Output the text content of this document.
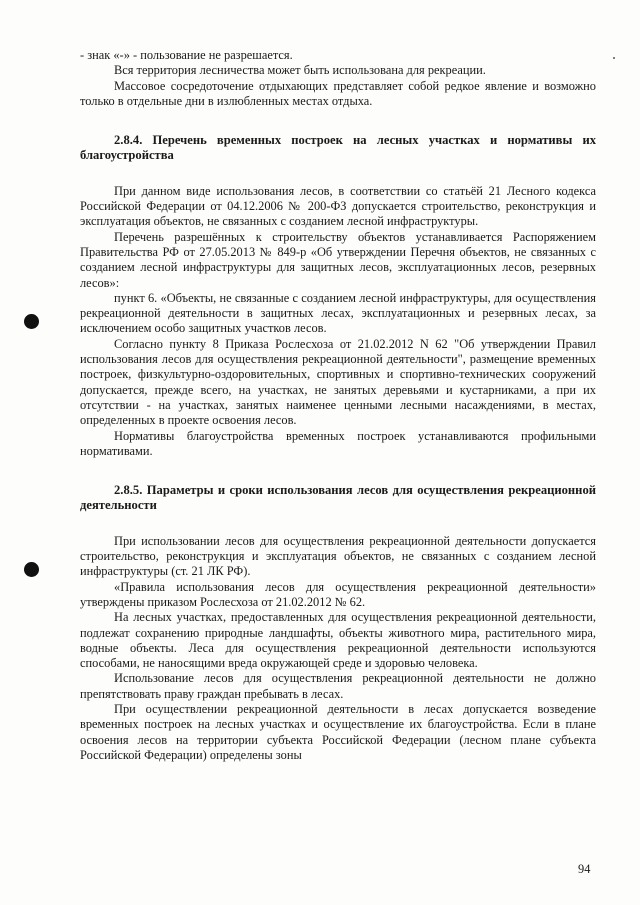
- знак «-» - пользование не разрешается.

Вся территория лесничества может быть использована для рекреации.

Массовое сосредоточение отдыхающих представляет собой редкое явление и возможно только в отдельные дни в излюбленных местах отдыха.

2.8.4. Перечень временных построек на лесных участках и нормативы их благоустройства

При данном виде использования лесов, в соответствии со статьёй 21 Лесного кодекса Российской Федерации от 04.12.2006 № 200-ФЗ допускается строительство, реконструкция и эксплуатация объектов, не связанных с созданием лесной инфраструктуры.

Перечень разрешённых к строительству объектов устанавливается Распоряжением Правительства РФ от 27.05.2013 № 849-р «Об утверждении Перечня объектов, не связанных с созданием лесной инфраструктуры для защитных лесов, эксплуатационных лесов, резервных лесов»:

пункт 6. «Объекты, не связанные с созданием лесной инфраструктуры, для осуществления рекреационной деятельности в защитных лесах, эксплуатационных и резервных лесах, за исключением особо защитных участков лесов.

Согласно пункту 8 Приказа Рослесхоза от 21.02.2012 N 62 "Об утверждении Правил использования лесов для осуществления рекреационной деятельности", размещение временных построек, физкультурно-оздоровительных, спортивных и спортивно-технических сооружений допускается, прежде всего, на участках, не занятых деревьями и кустарниками, а при их отсутствии - на участках, занятых наименее ценными лесными насаждениями, в местах, определенных в проекте освоения лесов.

Нормативы благоустройства временных построек устанавливаются профильными нормативами.

2.8.5. Параметры и сроки использования лесов для осуществления рекреационной деятельности

При использовании лесов для осуществления рекреационной деятельности допускается строительство, реконструкция и эксплуатация объектов, не связанных с созданием лесной инфраструктуры (ст. 21 ЛК РФ).

«Правила использования лесов для осуществления рекреационной деятельности» утверждены приказом Рослесхоза от 21.02.2012 № 62.

На лесных участках, предоставленных для осуществления рекреационной деятельности, подлежат сохранению природные ландшафты, объекты животного мира, растительного мира, водные объекты. Леса для осуществления рекреационной деятельности используются способами, не наносящими вреда окружающей среде и здоровью человека.

Использование лесов для осуществления рекреационной деятельности не должно препятствовать праву граждан пребывать в лесах.

При осуществлении рекреационной деятельности в лесах допускается возведение временных построек на лесных участках и осуществление их благоустройства. Если в плане освоения лесов на территории субъекта Российской Федерации (лесном плане субъекта Российской Федерации) определены зоны

94
